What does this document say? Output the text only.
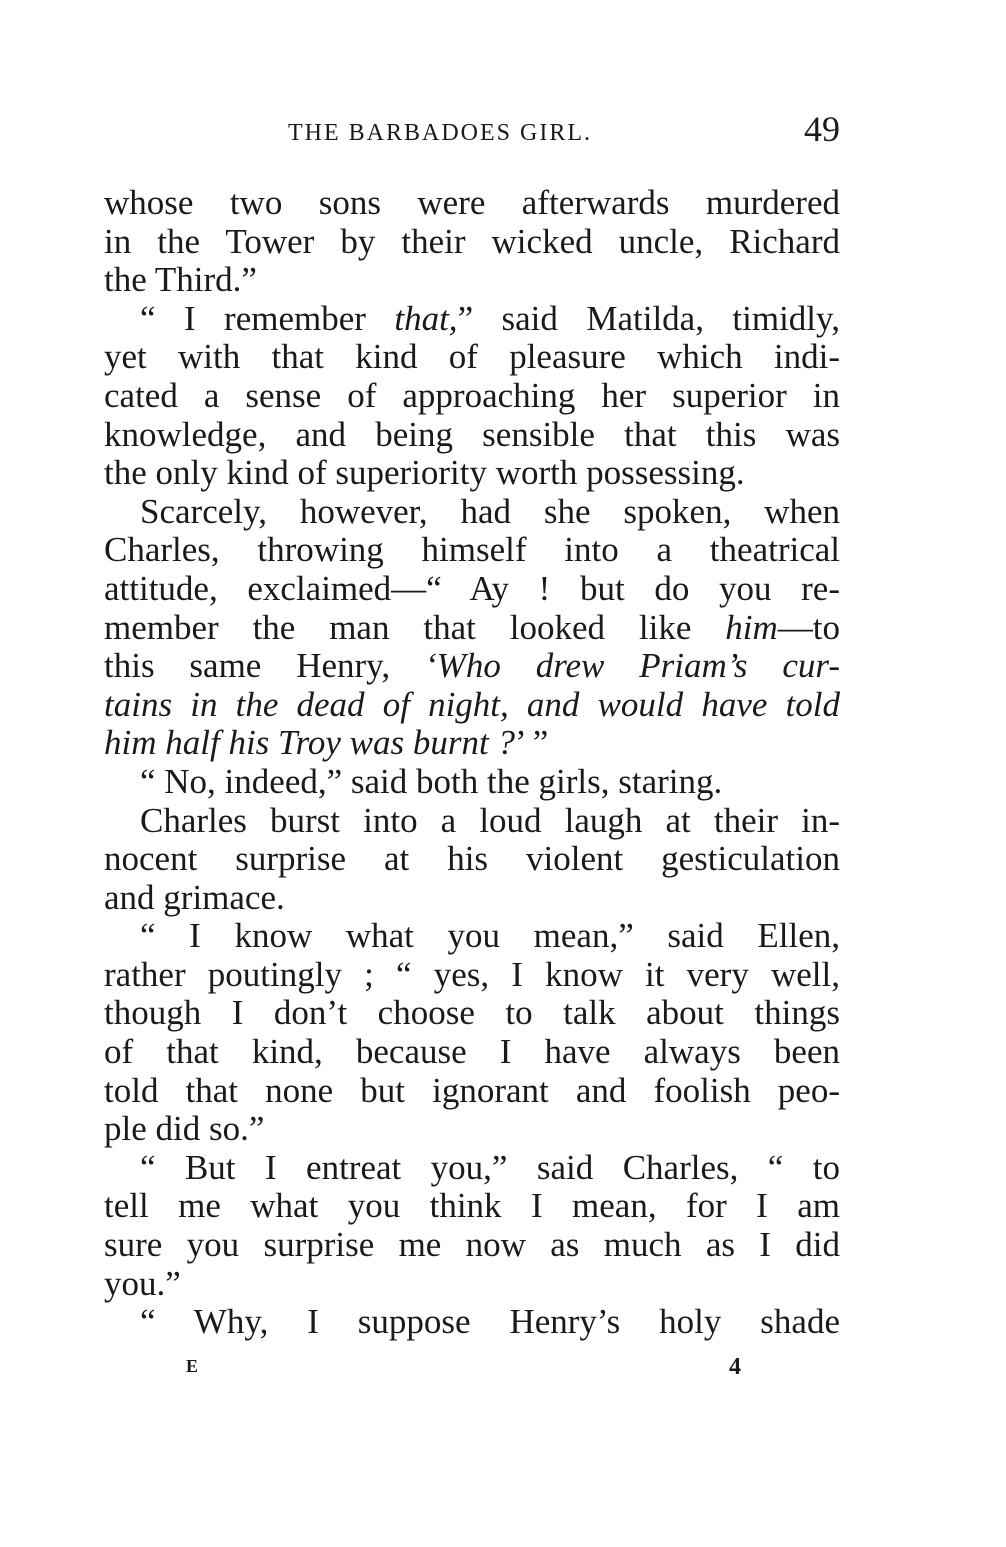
THE BARBADOES GIRL.	49
whose two sons were afterwards murdered
in the Tower by their wicked uncle, Richard
the Third.”
“ I remember that,” said Matilda, timidly,
yet with that kind of pleasure which indi-
cated a sense of approaching her superior in
knowledge, and being sensible that this was
the only kind of superiority worth possessing.
Scarcely, however, had she spoken, when
Charles, throwing himself into a theatrical
attitude, exclaimed—“ Ay ! but do you re-
member the man that looked like him—to
this same Henry, ‘Who drew Priam’s cur-
tains in the dead of night, and would have told
him half his Troy was burnt ?’ ”
“ No, indeed,” said both the girls, staring.
Charles burst into a loud laugh at their in-
nocent surprise at his violent gesticulation
and grimace.
“ I know what you mean,” said Ellen,
rather poutingly ; “ yes, I know it very well,
though I don’t choose to talk about things
of that kind, because I have always been
told that none but ignorant and foolish peo-
ple did so.”
“ But I entreat you,” said Charles, “ to
tell me what you think I mean, for I am
sure you surprise me now as much as I did
you.”
“ Why, I suppose Henry’s holy shade
E	4
